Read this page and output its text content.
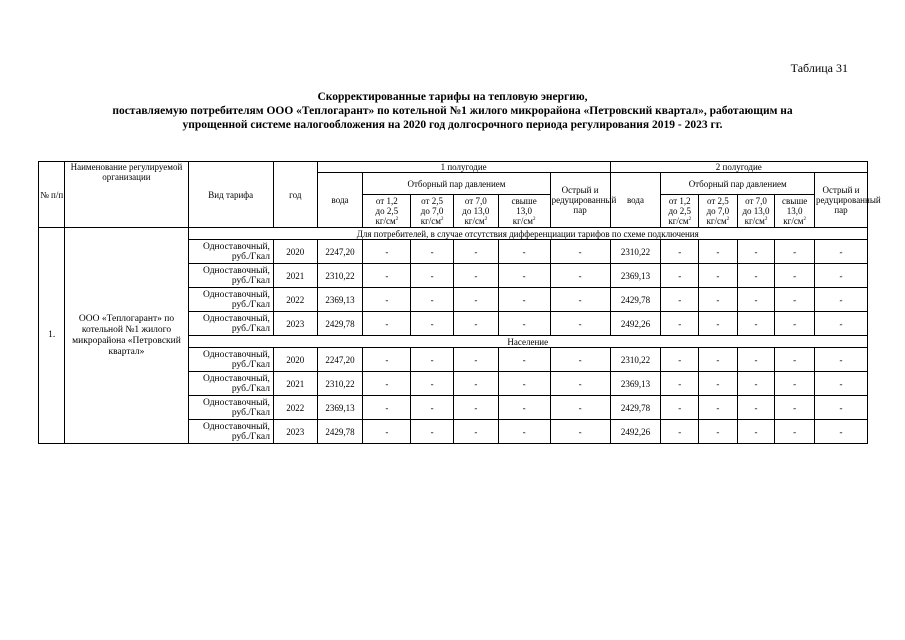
Таблица 31
Скорректированные тарифы на тепловую энергию,
поставляемую потребителям ООО «Теплогарант» по котельной №1 жилого микрорайона «Петровский квартал», работающим на
упрощенной системе налогообложения на 2020 год долгосрочного периода регулирования 2019 - 2023 гг.
№ п/п	Наименование регулируемой организации	Вид тарифа	год	1 полугодие						2 полугодие					
				вода	Отборный пар давлением				Острый и редуцированный пар	вода	Отборный пар давлением				Острый и редуцированный пар
					от 1,2
до 2,5
$кг/см^2$	от 2,5
до 7,0
$кг/см^2$	от 7,0
до 13,0
$кг/см^2$	свыше
13,0
$кг/см^2$			от 1,2
до 2,5
$кг/см^2$	от 2,5
до 7,0
$кг/см^2$	от 7,0
до 13,0
$кг/см^2$	свыше
13,0
$кг/см^2$
1.	ООО «Теплогарант» по котельной №1 жилого микрорайона «Петровский квартал»	Для потребителей, в случае отсутствия дифференциации тарифов по схеме подключения													
		Одноставочный, руб./Гкал	2020	2247,20	-	-	-	-	-	2310,22	-	-	-	-	-
		Одноставочный, руб./Гкал	2021	2310,22	-	-	-	-	-	2369,13	-	-	-	-	-
		Одноставочный, руб./Гкал	2022	2369,13	-	-	-	-	-	2429,78	-	-	-	-	-
		Одноставочный, руб./Гкал	2023	2429,78	-	-	-	-	-	2492,26	-	-	-	-	-
		Население													
		Одноставочный, руб./Гкал	2020	2247,20	-	-	-	-	-	2310,22	-	-	-	-	-
		Одноставочный, руб./Гкал	2021	2310,22	-	-	-	-	-	2369,13	-	-	-	-	-
		Одноставочный, руб./Гкал	2022	2369,13	-	-	-	-	-	2429,78	-	-	-	-	-
		Одноставочный, руб./Гкал	2023	2429,78	-	-	-	-	-	2492,26	-	-	-	-	-
